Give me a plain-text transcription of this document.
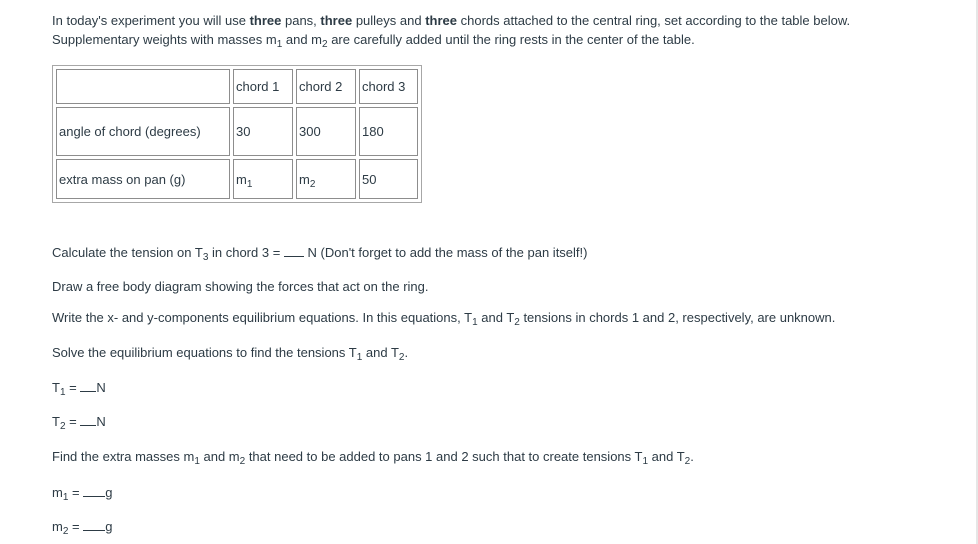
In today's experiment you will use three pans, three pulleys and three chords attached to the central ring, set according to the table below.

Supplementary weights with masses $m_1$ and $m_2$ are carefully added until the ring rests in the center of the table.

	chord 1	chord 2	chord 3
angle of chord (degrees)	30	300	180
extra mass on pan (g)	$m_1$	$m_2$	50

Calculate the tension on $T_3$ in chord 3 =  N (Don't forget to add the mass of the pan itself!)

Draw a free body diagram showing the forces that act on the ring.

Write the x- and y-components equilibrium equations. In this equations, $T_1$ and $T_2$ tensions in chords 1 and 2, respectively, are unknown.

Solve the equilibrium equations to find the tensions $T_1$ and $T_2$.

$T_1 = N$

$T_2 = N$

Find the extra masses $m_1$ and $m_2$ that need to be added to pans 1 and 2 such that to create tensions $T_1$ and $T_2$.

$m_1 = g$

$m_2 = g$
